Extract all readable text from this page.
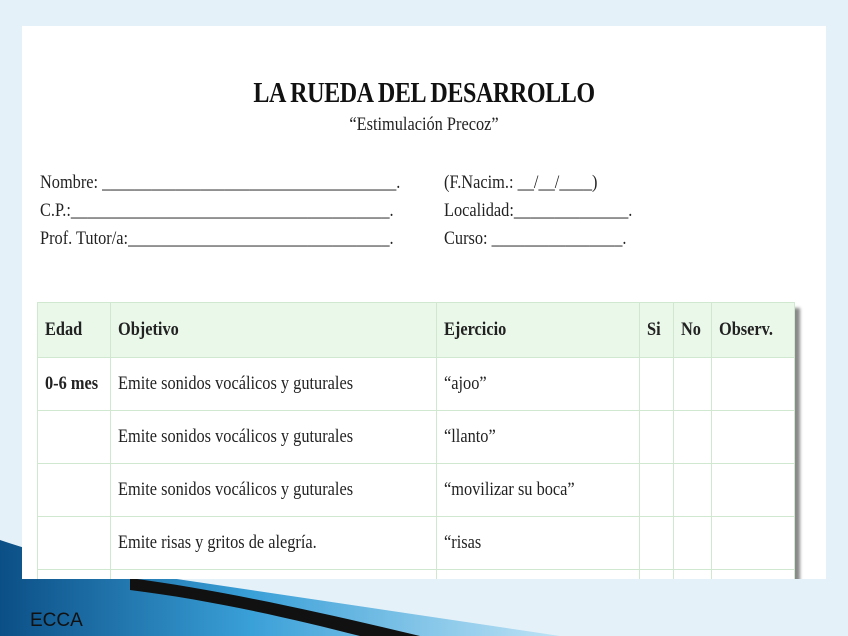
LA RUEDA DEL DESARROLLO
“Estimulación Precoz”
Nombre: ____________________________________. (F.Nacim.: __/__/____)
C.P.:_______________________________________.	Localidad:______________.
Prof. Tutor/a:________________________________.	Curso: ________________.
Edad	Objetivo	Ejercicio	Si	No	Observ.
0-6 mes	Emite sonidos vocálicos y guturales	“ajoo”			
	Emite sonidos vocálicos y guturales	“llanto”			
	Emite sonidos vocálicos y guturales	“movilizar su boca”			
	Emite risas y gritos de alegría.	“risas			

ECCA
